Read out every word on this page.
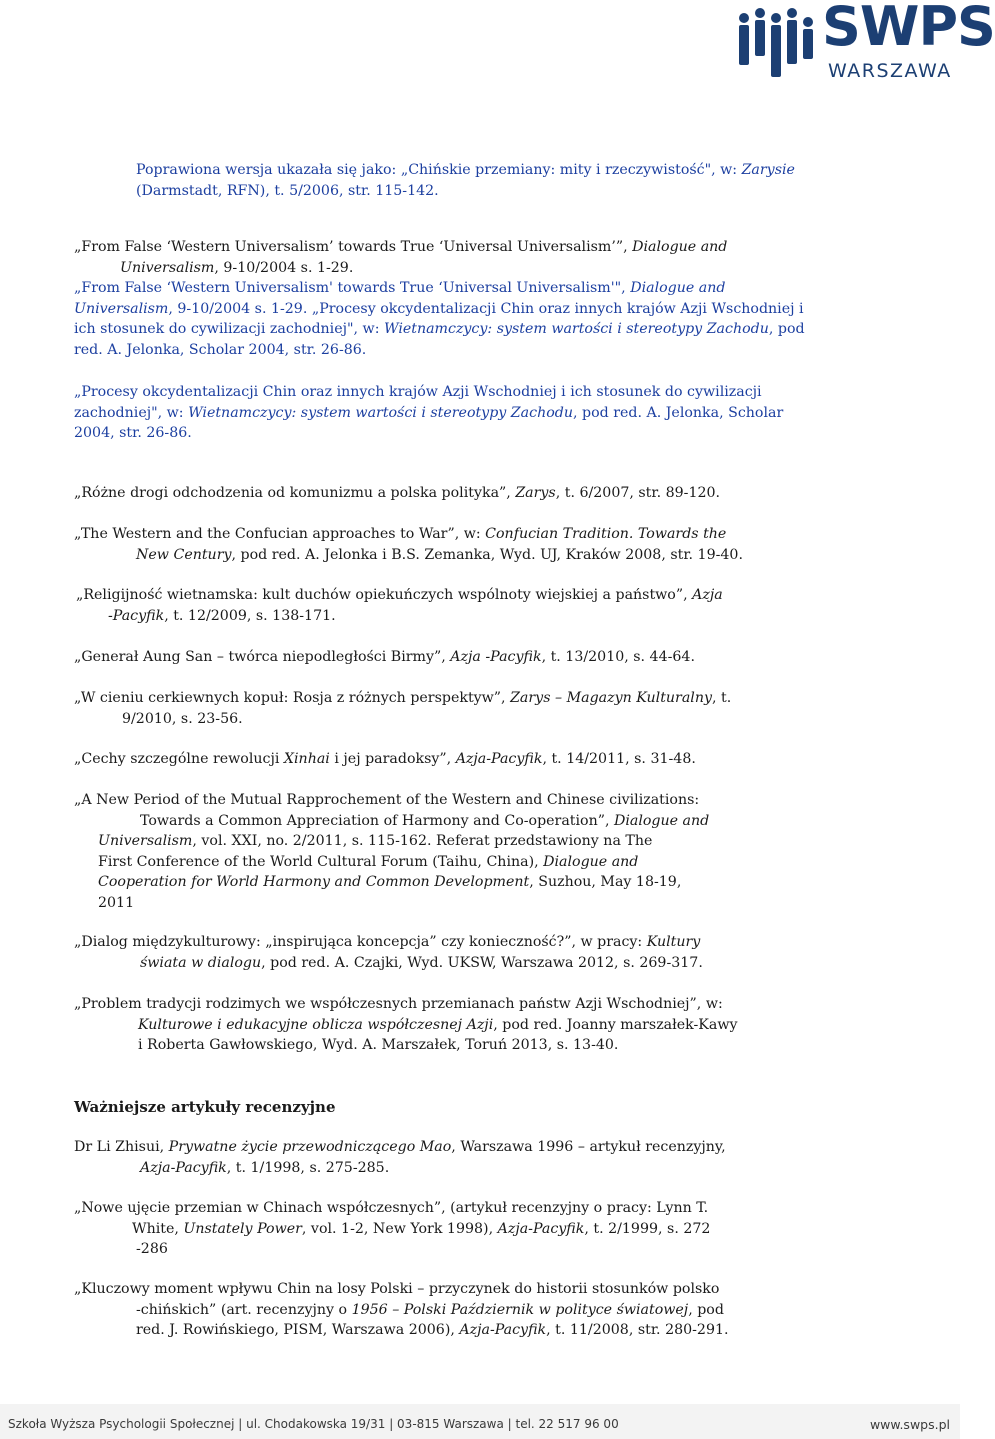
SWPS
WARSZAWA
Poprawiona wersja ukazała się jako: „Chińskie przemiany: mity i rzeczywistość", w: Zarysie
(Darmstadt, RFN), t. 5/2006, str. 115-142.
„From False ‘Western Universalism’ towards True ‘Universal Universalism’”, Dialogue and
Universalism, 9-10/2004 s. 1-29.
„From False ‘Western Universalism' towards True ‘Universal Universalism'", Dialogue and
Universalism, 9-10/2004 s. 1-29. „Procesy okcydentalizacji Chin oraz innych krajów Azji Wschodniej i
ich stosunek do cywilizacji zachodniej", w: Wietnamczycy: system wartości i stereotypy Zachodu, pod
red. A. Jelonka, Scholar 2004, str. 26-86.
„Procesy okcydentalizacji Chin oraz innych krajów Azji Wschodniej i ich stosunek do cywilizacji
zachodniej", w: Wietnamczycy: system wartości i stereotypy Zachodu, pod red. A. Jelonka, Scholar
2004, str. 26-86.
„Różne drogi odchodzenia od komunizmu a polska polityka”, Zarys, t. 6/2007, str. 89-120.
„The Western and the Confucian approaches to War”, w: Confucian Tradition. Towards the
New Century, pod red. A. Jelonka i B.S. Zemanka, Wyd. UJ, Kraków 2008, str. 19-40.
„Religijność wietnamska: kult duchów opiekuńczych wspólnoty wiejskiej a państwo”, Azja
-Pacyfik, t. 12/2009, s. 138-171.
„Generał Aung San – twórca niepodległości Birmy”, Azja -Pacyfik, t. 13/2010, s. 44-64.
„W cieniu cerkiewnych kopuł: Rosja z różnych perspektyw”, Zarys – Magazyn Kulturalny, t.
9/2010, s. 23-56.
„Cechy szczególne rewolucji Xinhai i jej paradoksy”, Azja-Pacyfik, t. 14/2011, s. 31-48.
„A New Period of the Mutual Rapprochement of the Western and Chinese civilizations:
Towards a Common Appreciation of Harmony and Co-operation”, Dialogue and
Universalism, vol. XXI, no. 2/2011, s. 115-162. Referat przedstawiony na The
First Conference of the World Cultural Forum (Taihu, China), Dialogue and
Cooperation for World Harmony and Common Development, Suzhou, May 18-19,
2011
„Dialog międzykulturowy: „inspirująca koncepcja” czy konieczność?”, w pracy: Kultury
świata w dialogu, pod red. A. Czajki, Wyd. UKSW, Warszawa 2012, s. 269-317.
„Problem tradycji rodzimych we współczesnych przemianach państw Azji Wschodniej”, w:
Kulturowe i edukacyjne oblicza współczesnej Azji, pod red. Joanny marszałek-Kawy
i Roberta Gawłowskiego, Wyd. A. Marszałek, Toruń 2013, s. 13-40.
Ważniejsze artykuły recenzyjne
Dr Li Zhisui, Prywatne życie przewodniczącego Mao, Warszawa 1996 – artykuł recenzyjny,
Azja-Pacyfik, t. 1/1998, s. 275-285.
„Nowe ujęcie przemian w Chinach współczesnych”, (artykuł recenzyjny o pracy: Lynn T.
White, Unstately Power, vol. 1-2, New York 1998), Azja-Pacyfik, t. 2/1999, s. 272
-286
„Kluczowy moment wpływu Chin na losy Polski – przyczynek do historii stosunków polsko
-chińskich” (art. recenzyjny o 1956 – Polski Październik w polityce światowej, pod
red. J. Rowińskiego, PISM, Warszawa 2006), Azja-Pacyfik, t. 11/2008, str. 280-291.
Szkoła Wyższa Psychologii Społecznej | ul. Chodakowska 19/31 | 03-815 Warszawa | tel. 22 517 96 00	www.swps.pl
